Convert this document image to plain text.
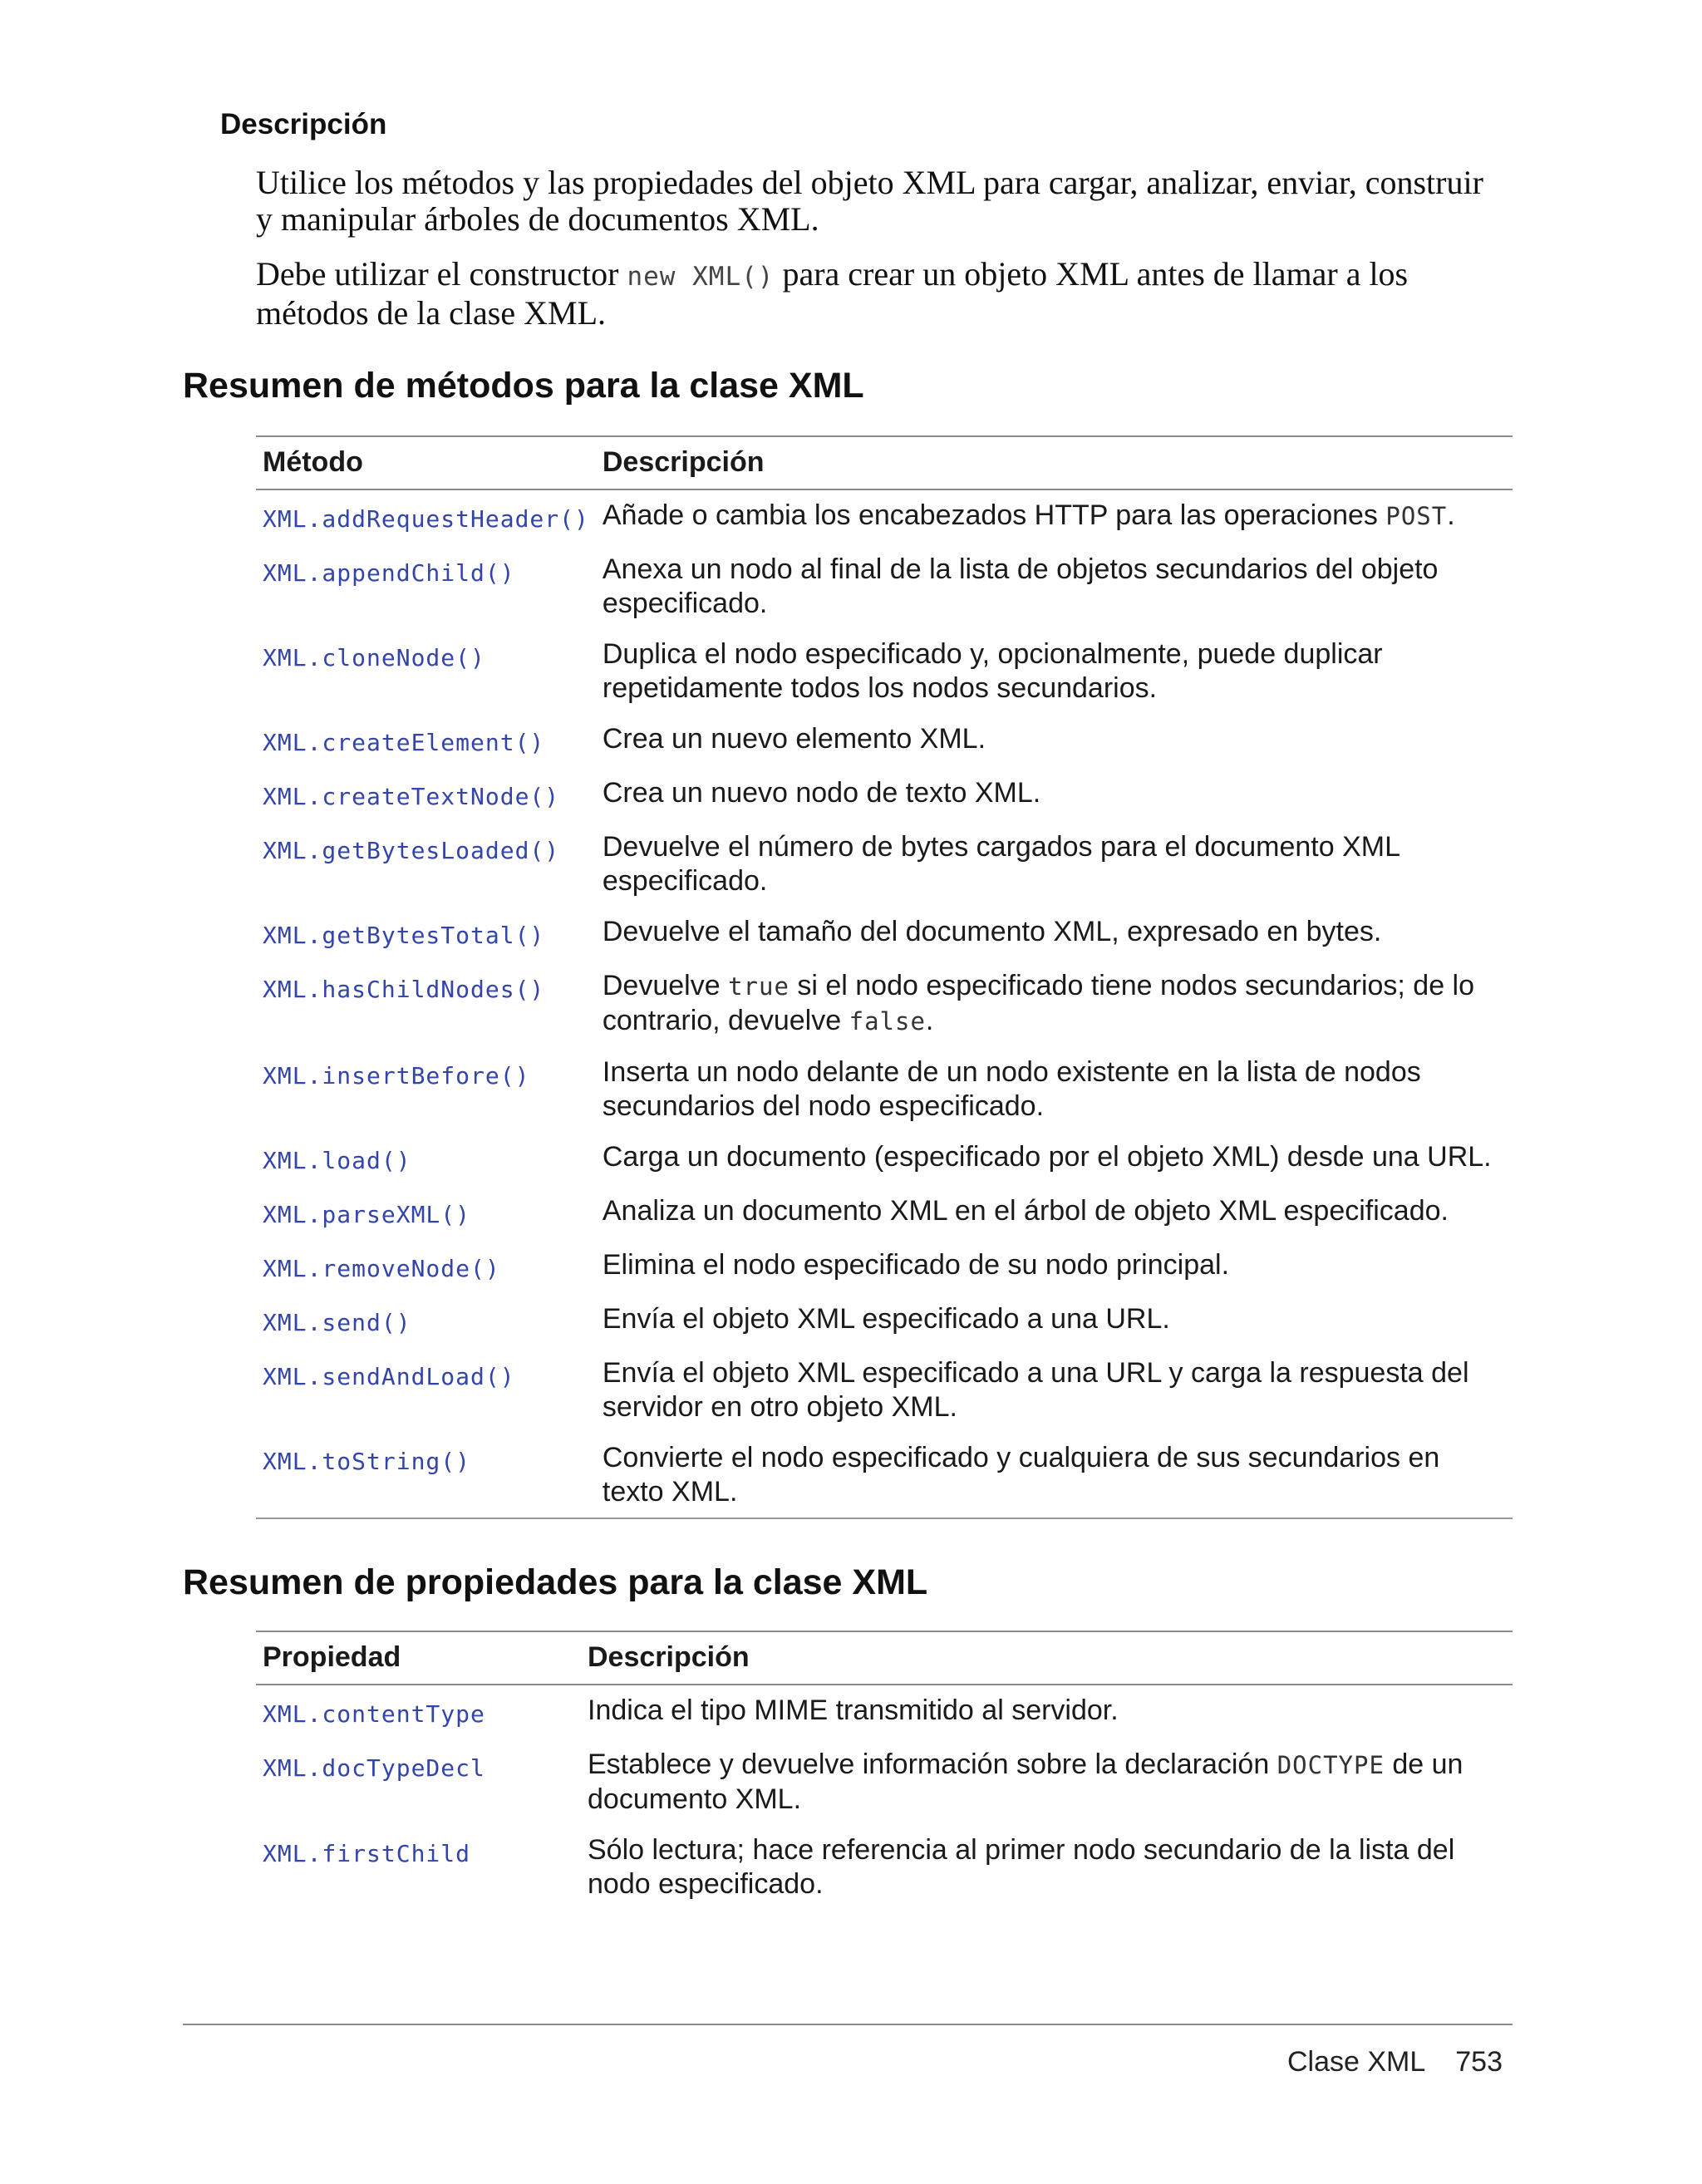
Descripción
Utilice los métodos y las propiedades del objeto XML para cargar, analizar, enviar, construir y manipular árboles de documentos XML.
Debe utilizar el constructor new XML() para crear un objeto XML antes de llamar a los métodos de la clase XML.
Resumen de métodos para la clase XML
Método	Descripción
XML.addRequestHeader()	Añade o cambia los encabezados HTTP para las operaciones POST.
XML.appendChild()	Anexa un nodo al final de la lista de objetos secundarios del objeto especificado.
XML.cloneNode()	Duplica el nodo especificado y, opcionalmente, puede duplicar repetidamente todos los nodos secundarios.
XML.createElement()	Crea un nuevo elemento XML.
XML.createTextNode()	Crea un nuevo nodo de texto XML.
XML.getBytesLoaded()	Devuelve el número de bytes cargados para el documento XML especificado.
XML.getBytesTotal()	Devuelve el tamaño del documento XML, expresado en bytes.
XML.hasChildNodes()	Devuelve true si el nodo especificado tiene nodos secundarios; de lo contrario, devuelve false.
XML.insertBefore()	Inserta un nodo delante de un nodo existente en la lista de nodos secundarios del nodo especificado.
XML.load()	Carga un documento (especificado por el objeto XML) desde una URL.
XML.parseXML()	Analiza un documento XML en el árbol de objeto XML especificado.
XML.removeNode()	Elimina el nodo especificado de su nodo principal.
XML.send()	Envía el objeto XML especificado a una URL.
XML.sendAndLoad()	Envía el objeto XML especificado a una URL y carga la respuesta del servidor en otro objeto XML.
XML.toString()	Convierte el nodo especificado y cualquiera de sus secundarios en texto XML.
Resumen de propiedades para la clase XML
Propiedad	Descripción
XML.contentType	Indica el tipo MIME transmitido al servidor.
XML.docTypeDecl	Establece y devuelve información sobre la declaración DOCTYPE de un documento XML.
XML.firstChild	Sólo lectura; hace referencia al primer nodo secundario de la lista del nodo especificado.
Clase XML 753
